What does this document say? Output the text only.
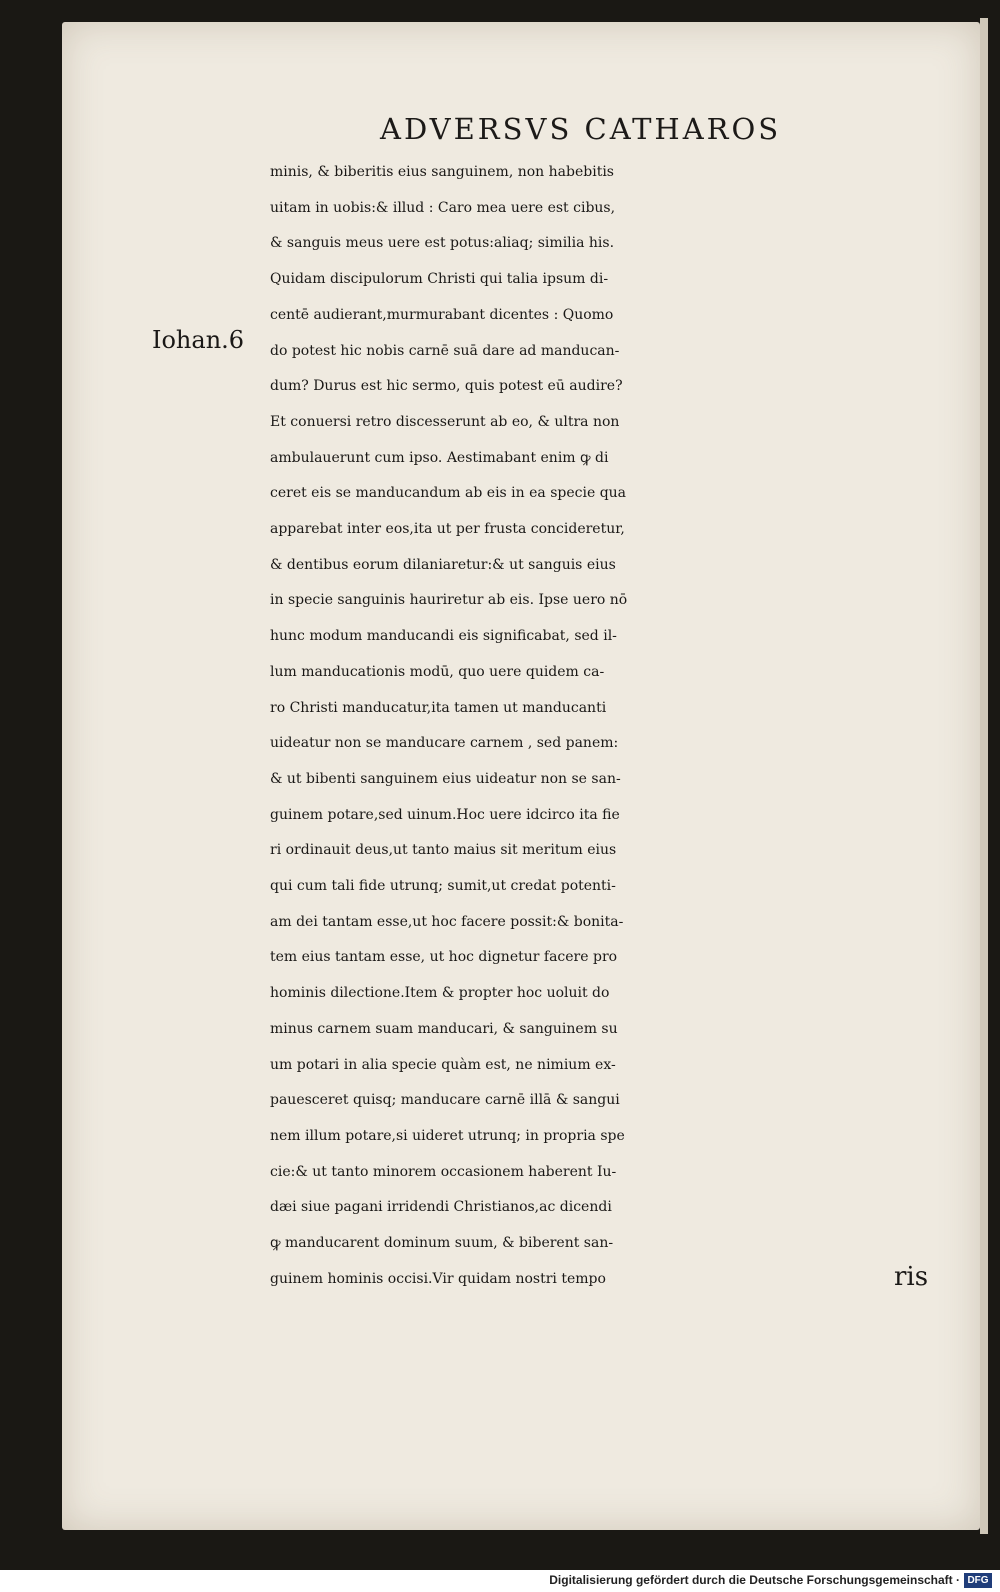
ADVERSVS CATHAROS
Iohan.6
minis, & biberitis eius sanguinem, non habebitis
uitam in uobis:& illud : Caro mea uere est cibus,
& sanguis meus uere est potus:aliaq; similia his.
Quidam discipulorum Christi qui talia ipsum di-
centē audierant,murmurabant dicentes : Quomo
do potest hic nobis carnē suā dare ad manducan-
dum? Durus est hic sermo, quis potest eū audire?
Et conuersi retro discesserunt ab eo, & ultra non
ambulauerunt cum ipso. Aestimabant enim ꝙ di
ceret eis se manducandum ab eis in ea specie qua
apparebat inter eos,ita ut per frusta concideretur,
& dentibus eorum dilaniaretur:& ut sanguis eius
in specie sanguinis hauriretur ab eis. Ipse uero nō
hunc modum manducandi eis significabat, sed il-
lum manducationis modū, quo uere quidem ca-
ro Christi manducatur,ita tamen ut manducanti
uideatur non se manducare carnem , sed panem:
& ut bibenti sanguinem eius uideatur non se san-
guinem potare,sed uinum.Hoc uere idcirco ita fie
ri ordinauit deus,ut tanto maius sit meritum eius
qui cum tali fide utrunq; sumit,ut credat potenti-
am dei tantam esse,ut hoc facere possit:& bonita-
tem eius tantam esse, ut hoc dignetur facere pro
hominis dilectione.Item & propter hoc uoluit do
minus carnem suam manducari, & sanguinem su
um potari in alia specie quàm est, ne nimium ex-
pauesceret quisq; manducare carnē illā & sangui
nem illum potare,si uideret utrunq; in propria spe
cie:& ut tanto minorem occasionem haberent Iu-
dæi siue pagani irridendi Christianos,ac dicendi
ꝙ manducarent dominum suum, & biberent san-
guinem hominis occisi.Vir quidam nostri tempo	ris
Digitalisierung gefördert durch die Deutsche Forschungsgemeinschaft · DFG
